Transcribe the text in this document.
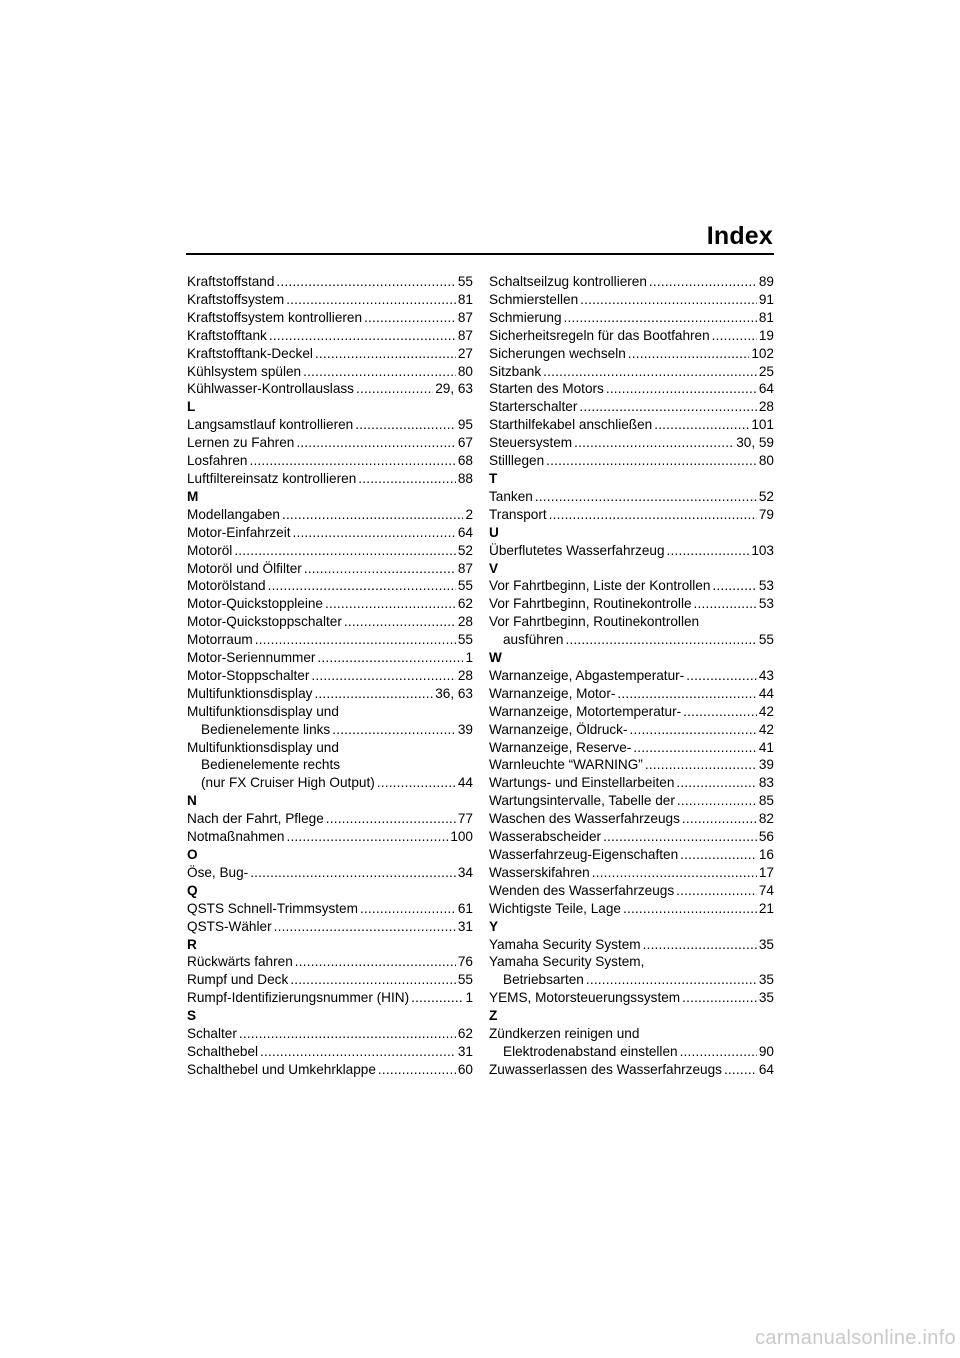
Index
Kraftstoffstand .....	55
Kraftstoffsystem .....	81
Kraftstoffsystem kontrollieren .....	87
Kraftstofftank .....	87
Kraftstofftank-Deckel .....	27
Kühlsystem spülen .....	80
Kühlwasser-Kontrollauslass .....	29, 63
L
Langsamstlauf kontrollieren .....	95
Lernen zu Fahren .....	67
Losfahren .....	68
Luftfiltereinsatz kontrollieren .....	88
M
Modellangaben .....	2
Motor-Einfahrzeit .....	64
Motoröl .....	52
Motoröl und Ölfilter .....	87
Motorölstand .....	55
Motor-Quickstoppleine .....	62
Motor-Quickstoppschalter .....	28
Motorraum .....	55
Motor-Seriennummer .....	1
Motor-Stoppschalter .....	28
Multifunktionsdisplay .....	36, 63
Multifunktionsdisplay und
Bedienelemente links .....	39
Multifunktionsdisplay und
Bedienelemente rechts
(nur FX Cruiser High Output) .....	44
N
Nach der Fahrt, Pflege .....	77
Notmaßnahmen .....	100
O
Öse, Bug- .....	34
Q
QSTS Schnell-Trimmsystem .....	61
QSTS-Wähler .....	31
R
Rückwärts fahren .....	76
Rumpf und Deck .....	55
Rumpf-Identifizierungsnummer (HIN) .....	1
S
Schalter .....	62
Schalthebel .....	31
Schalthebel und Umkehrklappe .....	60
Schaltseilzug kontrollieren .....	89
Schmierstellen .....	91
Schmierung .....	81
Sicherheitsregeln für das Bootfahren .....	19
Sicherungen wechseln .....	102
Sitzbank .....	25
Starten des Motors .....	64
Starterschalter .....	28
Starthilfekabel anschließen .....	101
Steuersystem .....	30, 59
Stilllegen .....	80
T
Tanken .....	52
Transport .....	79
U
Überflutetes Wasserfahrzeug .....	103
V
Vor Fahrtbeginn, Liste der Kontrollen .....	53
Vor Fahrtbeginn, Routinekontrolle .....	53
Vor Fahrtbeginn, Routinekontrollen
ausführen .....	55
W
Warnanzeige, Abgastemperatur- .....	43
Warnanzeige, Motor- .....	44
Warnanzeige, Motortemperatur- .....	42
Warnanzeige, Öldruck- .....	42
Warnanzeige, Reserve- .....	41
Warnleuchte “WARNING” .....	39
Wartungs- und Einstellarbeiten .....	83
Wartungsintervalle, Tabelle der .....	85
Waschen des Wasserfahrzeugs .....	82
Wasserabscheider .....	56
Wasserfahrzeug-Eigenschaften .....	16
Wasserskifahren .....	17
Wenden des Wasserfahrzeugs .....	74
Wichtigste Teile, Lage .....	21
Y
Yamaha Security System .....	35
Yamaha Security System,
Betriebsarten .....	35
YEMS, Motorsteuerungssystem .....	35
Z
Zündkerzen reinigen und
Elektrodenabstand einstellen .....	90
Zuwasserlassen des Wasserfahrzeugs .....	64
carmanualsonline.info
